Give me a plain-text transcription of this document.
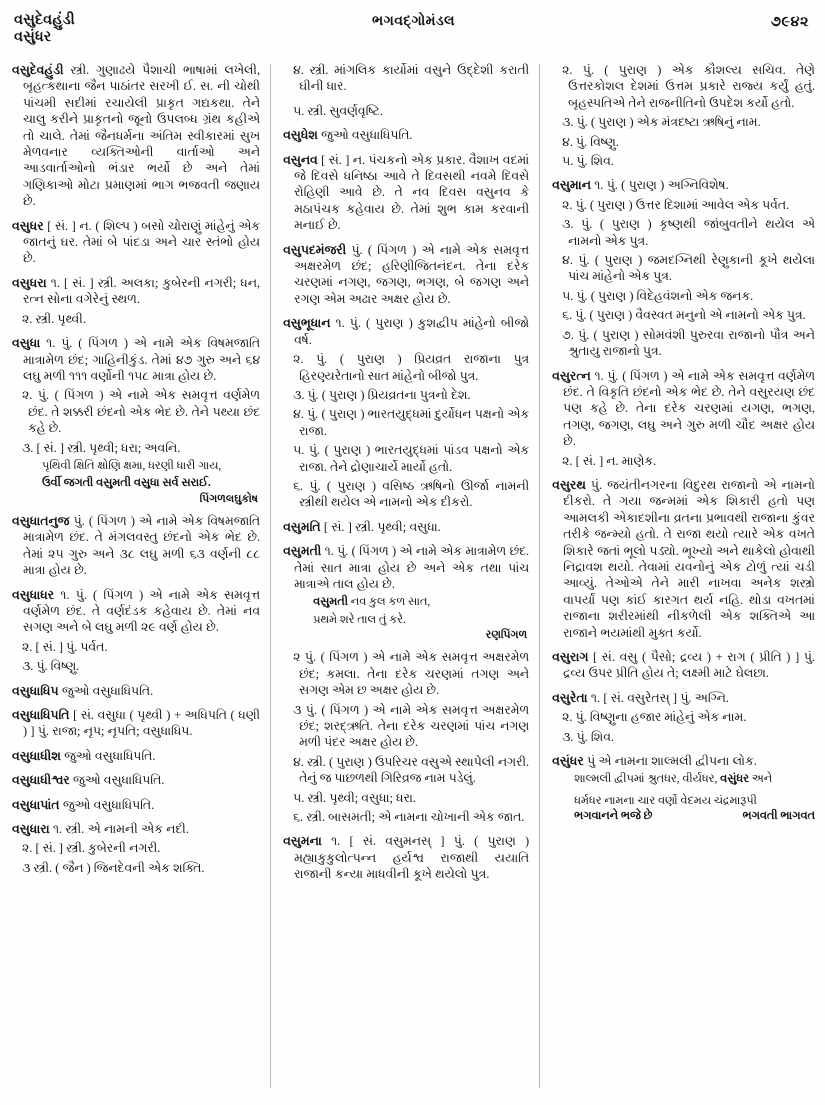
વસુદેવહુંડી
વસુંધર
ભગવદ્ગોમંડલ	૭૯૪૨

વસુદેવહુંડી સ્ત્રી. ગુણાઢયે પૈશાચી ભાષામાં લખેલી, બૃહત્કથાના જૈન પાઠાંતર સરખી ઈ. સ. ની ચોથી પાંચમી સદીમાં રચાયેલી પ્રાકૃત ગદ્યકથા. તેને ચાલુ કરીને પ્રાકૃતનો જૂનો ઉપલબ્ધ ગ્રંથ કહીએ તો ચાલે. તેમાં જૈનધર્મના અંતિમ સ્વીકારમાં સુખ મેળવનાર વ્યક્તિઓની વાર્તાઓ અને આડવાર્તાઓનો ભંડાર ભર્યો છે અને તેમાં ગણિકાઓ મોટા પ્રમાણમાં ભાગ ભજવતી જણાય છે.

વસુધર [ સં. ] ન. ( શિલ્પ ) બસો ચોરાણું માંહેનું એક જાતનું ઘર. તેમાં બે પાંદડા અને ચાર સ્તંભો હોય છે.

વસુધરા ૧. [ સં. ] સ્ત્રી. અલકા; કુબેરની નગરી; ધન, રત્ન સોના વગેરેનું સ્થળ.

૨. સ્ત્રી. પૃથ્વી.

વસુધા ૧. પું. ( પિંગળ ) એ નામે એક વિષમજાતિ માત્રામેળ છંદ; ગાહિનીકુંડ. તેમાં ૪૭ ગુરુ અને ૬૪ લઘુ મળી ૧૧૧ વર્ણોની ૧૫૮ માત્રા હોય છે.

૨. પું. ( પિંગળ ) એ નામે એક સમવૃત્ત વર્ણમેળ છંદ. તે શક્કરી છંદનો એક ભેદ છે. તેને પથ્યા છંદ કહે છે.

૩. [ સં. ] સ્ત્રી. પૃથ્વી; ધરા; અવનિ.

પૃથિવી ક્ષિતિ ક્ષોણિ ક્ષમા, ધરણી ધારી ગાય,

ઉર્વી જગતી વસુમતી વસુધા સર્વ સરાઈ.

પિંગળલઘુકોષ

વસુધાતનુજ પું. ( પિંગળ ) એ નામે એક વિષમજાતિ માત્રામેળ છંદ. તે મંગલવસ્તુ છંદનો એક ભેદ છે. તેમાં ૨૫ ગુરુ અને ૩૮ લઘુ મળી ૬૩ વર્ણની ૮૮ માત્રા હોય છે.

વસુધાધર ૧. પું. ( પિંગળ ) એ નામે એક સમવૃત્ત વર્ણમેળ છંદ. તે વર્ણદંડક કહેવાય છે. તેમાં નવ સગણ અને બે લઘુ મળી ૨૯ વર્ણ હોય છે.

૨. [ સં. ] પું. પર્વત.

૩. પું. વિષ્ણુ.

વસુધાધિપ જુઓ વસુધાધિપતિ.

વસુધાધિપતિ [ સં. વસુધા ( પૃથ્વી ) + અધિપતિ ( ધણી ) ] પું. રાજા; નૃપ; નૃપતિ; વસુધાધિપ.

વસુધાધીશ જુઓ વસુધાધિપતિ.

વસુધાધીશ્વર જુઓ વસુધાધિપતિ.

વસુધાપાંત જુઓ વસુધાધિપતિ.

વસુધારા ૧. સ્ત્રી. એ નામની એક નદી.

૨. [ સં. ] સ્ત્રી. કુબેરની નગરી.

૩ સ્ત્રી. ( જૈન ) જિનદેવની એક શક્તિ.

૪. સ્ત્રી. માંગલિક કાર્યોમાં વસુને ઉદ્દેશી કરાતી ઘીની ધાર.

૫. સ્ત્રી. સુવર્ણવૃષ્ટિ.

વસુધેશ જુઓ વસુધાધિપતિ.

વસુનવ [ સં. ] ન. પંચકનો એક પ્રકાર. વૈશાખ વદમાં જે દિવસે ધનિષ્ઠા આવે તે દિવસથી નવમે દિવસે રોહિણી આવે છે. તે નવ દિવસ વસુનવ કે મઠાપંચક કહેવાય છે. તેમાં શુભ કામ કરવાની મનાઈ છે.

વસુપદમંજરી પું. ( પિંગળ ) એ નામે એક સમવૃત્ત અક્ષરમેળ છંદ; હરિણીજિતનંદન. તેના દરેક ચરણમાં નગણ, જગણ, ભગણ, બે જગણ અને રગણ એમ અઢાર અક્ષર હોય છે.

વસુભૂધાન ૧. પું. ( પુરાણ ) કુશદ્વીપ માંહેનો બીજો વર્ષ.

૨. પું. ( પુરાણ ) પ્રિયવ્રત રાજાના પુત્ર હિરણ્યરેતાનો સાત માંહેનો બીજો પુત્ર.

૩. પું. ( પુરાણ ) પ્રિયવ્રતના પુત્રનો દેશ.

૪. પું. ( પુરાણ ) ભારતયુદ્ધમાં દુર્યોધન પક્ષનો એક રાજા.

૫. પું. ( પુરાણ ) ભારતયુદ્ધમાં પાંડવ પક્ષનો એક રાજા. તેને દ્રોણાચાર્યે માર્યો હતો.

૬. પું. ( પુરાણ ) વસિષ્ઠ ઋષિનો ઊર્જા નામની સ્ત્રીથી થયેલ એ નામનો એક દીકરો.

વસુમતિ [ સં. ] સ્ત્રી. પૃથ્વી; વસુધા.

વસુમતી ૧. પું. ( પિંગળ ) એ નામે એક માત્રામેળ છંદ. તેમાં સાત માત્રા હોય છે અને એક તથા પાંચ માત્રાએ તાલ હોય છે.

વસુમતી નવ કુલ કળ સાત,

પ્રથમે શરે તાલ તું કરે.

રણપિંગળ

૨ પું. ( પિંગળ ) એ નામે એક સમવૃત્ત અક્ષરમેળ છંદ; કમલા. તેના દરેક ચરણમાં તગણ અને સગણ એમ છ અક્ષર હોય છે.

૩ પું. ( પિંગળ ) એ નામે એક સમવૃત્ત અક્ષરમેળ છંદ; શરદ્ઋતિ. તેના દરેક ચરણમાં પાંચ નગણ મળી પંદર અક્ષર હોય છે.

૪. સ્ત્રી. ( પુરાણ ) ઉપરિચર વસુએ સ્થાપેલી નગરી. તેનું જ પાછળથી ગિરિવ્રજ નામ પડેલું.

૫. સ્ત્રી. પૃથ્વી; વસુધા; ધરા.

૬. સ્ત્રી. બાસમતી; એ નામના ચોખાની એક જાત.

વસુમના ૧. [ સં. વસુમનસ્ ] પું. ( પુરાણ ) મહ્યાકુકુલોત્પન્ન હર્યશ્વ રાજાથી યયાતિ રાજાની કન્યા માધવીની કૂખે થયેલો પુત્ર.

૨. પું. ( પુરાણ ) એક કૌશલ્ય સચિવ. તેણે ઉત્તરકોશલ દેશમાં ઉત્તમ પ્રકારે રાજ્ય કર્યું હતું. બૃહસ્પતિએ તેને રાજનીતિનો ઉપદેશ કર્યો હતો.

૩. પું. ( પુરાણ ) એક મંત્રદષ્ટા ઋષિનું નામ.

૪. પું. વિષ્ણુ.

૫. પું. શિવ.

વસુમાન ૧. પું. ( પુરાણ ) અગ્નિવિશેષ.

૨. પું. ( પુરાણ ) ઉત્તર દિશામાં આવેલ એક પર્વત.

૩. પું. ( પુરાણ ) કૃષ્ણથી જાંબુવતીને થયેલ એ નામનો એક પુત્ર.

૪. પું. ( પુરાણ ) જમદગ્નિથી રેણુકાની કૂખે થયેલા પાંચ માંહેનો એક પુત્ર.

૫. પું. ( પુરાણ ) વિદેહવંશનો એક જનક.

૬. પું. ( પુરાણ ) વૈવસ્વત મનુનો એ નામનો એક પુત્ર.

૭. પું. ( પુરાણ ) સોમવંશી પુરુરવા રાજાનો પૌત્ર અને શ્રુતાયુ રાજાનો પુત્ર.

વસુરત્ન ૧. પું. ( પિંગળ ) એ નામે એક સમવૃત્ત વર્ણમેળ છંદ. તે વિકૃતિ છંદનો એક ભેદ છે. તેને વસુરયણ છંદ પણ કહે છે. તેના દરેક ચરણમાં યગણ, ભગણ, તગણ, જગણ, લઘુ અને ગુરુ મળી ચૌદ અક્ષર હોય છે.

૨. [ સં. ] ન. માણેક.

વસુરથ પું. જયંતીનગરના વિદુરથ રાજાનો એ નામનો દીકરો. તે ગયા જન્મમાં એક શિકારી હતો પણ આમલકી એકાદશીના વ્રતના પ્રભાવથી રાજાના કુંવર તરીકે જન્મ્યો હતો. તે રાજા થયો ત્યારે એક વખતે શિકારે જતાં ભૂલો પડ્યો. ભૂખ્યો અને થાકેલો હોવાથી નિદ્રાવશ થયો. તેવામાં યવનોનું એક ટોળું ત્યાં ચડી આવ્યું. તેઓએ તેને મારી નાખવા અનેક શસ્ત્રો વાપર્યાં પણ કાંઈ કારગત થર્ય નહિ. થોડા વખતમાં રાજાના શરીરમાંથી નીકળેલી એક શક્તિએ આ રાજાને ભયમાંથી મુક્ત કર્યો.

વસુરાગ [ સં. વસુ ( પૈસો; દ્રવ્ય ) + રાગ ( પ્રીતિ ) ] પું. દ્રવ્ય ઉપર પ્રીતિ હોય તે; લક્ષ્મી માટે ઘેલછા.

વસુરેતા ૧. [ સં. વસુરેતસ્ ] પું. અગ્નિ.

૨. પું. વિષ્ણુના હજાર માંહેનું એક નામ.

૩. પું. શિવ.

વસુંધર પું એ નામના શાલ્મલી દ્વીપના લોક.

શાલ્મલી દ્વીપમાં શ્રુતધર, વીર્યધર, વસુંધર અને

ધર્મધર નામના ચાર વર્ણો વેદમય ચંદ્રમારૂપી

ભગવાનને ભજે છે	ભગવતી ભાગવત
